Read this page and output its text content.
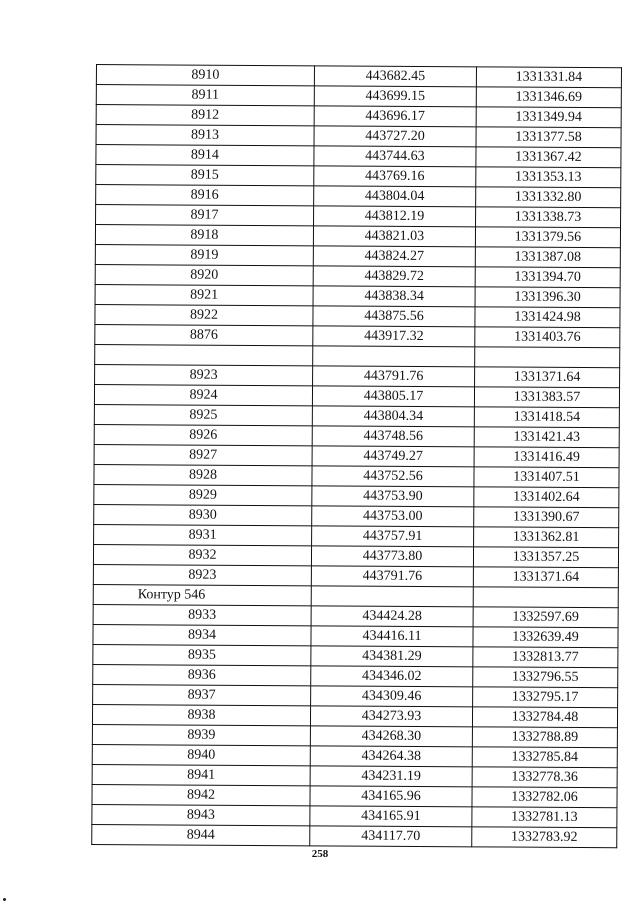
8910	443682.45	1331331.84
8911	443699.15	1331346.69
8912	443696.17	1331349.94
8913	443727.20	1331377.58
8914	443744.63	1331367.42
8915	443769.16	1331353.13
8916	443804.04	1331332.80
8917	443812.19	1331338.73
8918	443821.03	1331379.56
8919	443824.27	1331387.08
8920	443829.72	1331394.70
8921	443838.34	1331396.30
8922	443875.56	1331424.98
8876	443917.32	1331403.76

8923	443791.76	1331371.64
8924	443805.17	1331383.57
8925	443804.34	1331418.54
8926	443748.56	1331421.43
8927	443749.27	1331416.49
8928	443752.56	1331407.51
8929	443753.90	1331402.64
8930	443753.00	1331390.67
8931	443757.91	1331362.81
8932	443773.80	1331357.25
8923	443791.76	1331371.64
Контур 546		
8933	434424.28	1332597.69
8934	434416.11	1332639.49
8935	434381.29	1332813.77
8936	434346.02	1332796.55
8937	434309.46	1332795.17
8938	434273.93	1332784.48
8939	434268.30	1332788.89
8940	434264.38	1332785.84
8941	434231.19	1332778.36
8942	434165.96	1332782.06
8943	434165.91	1332781.13
8944	434117.70	1332783.92
258
